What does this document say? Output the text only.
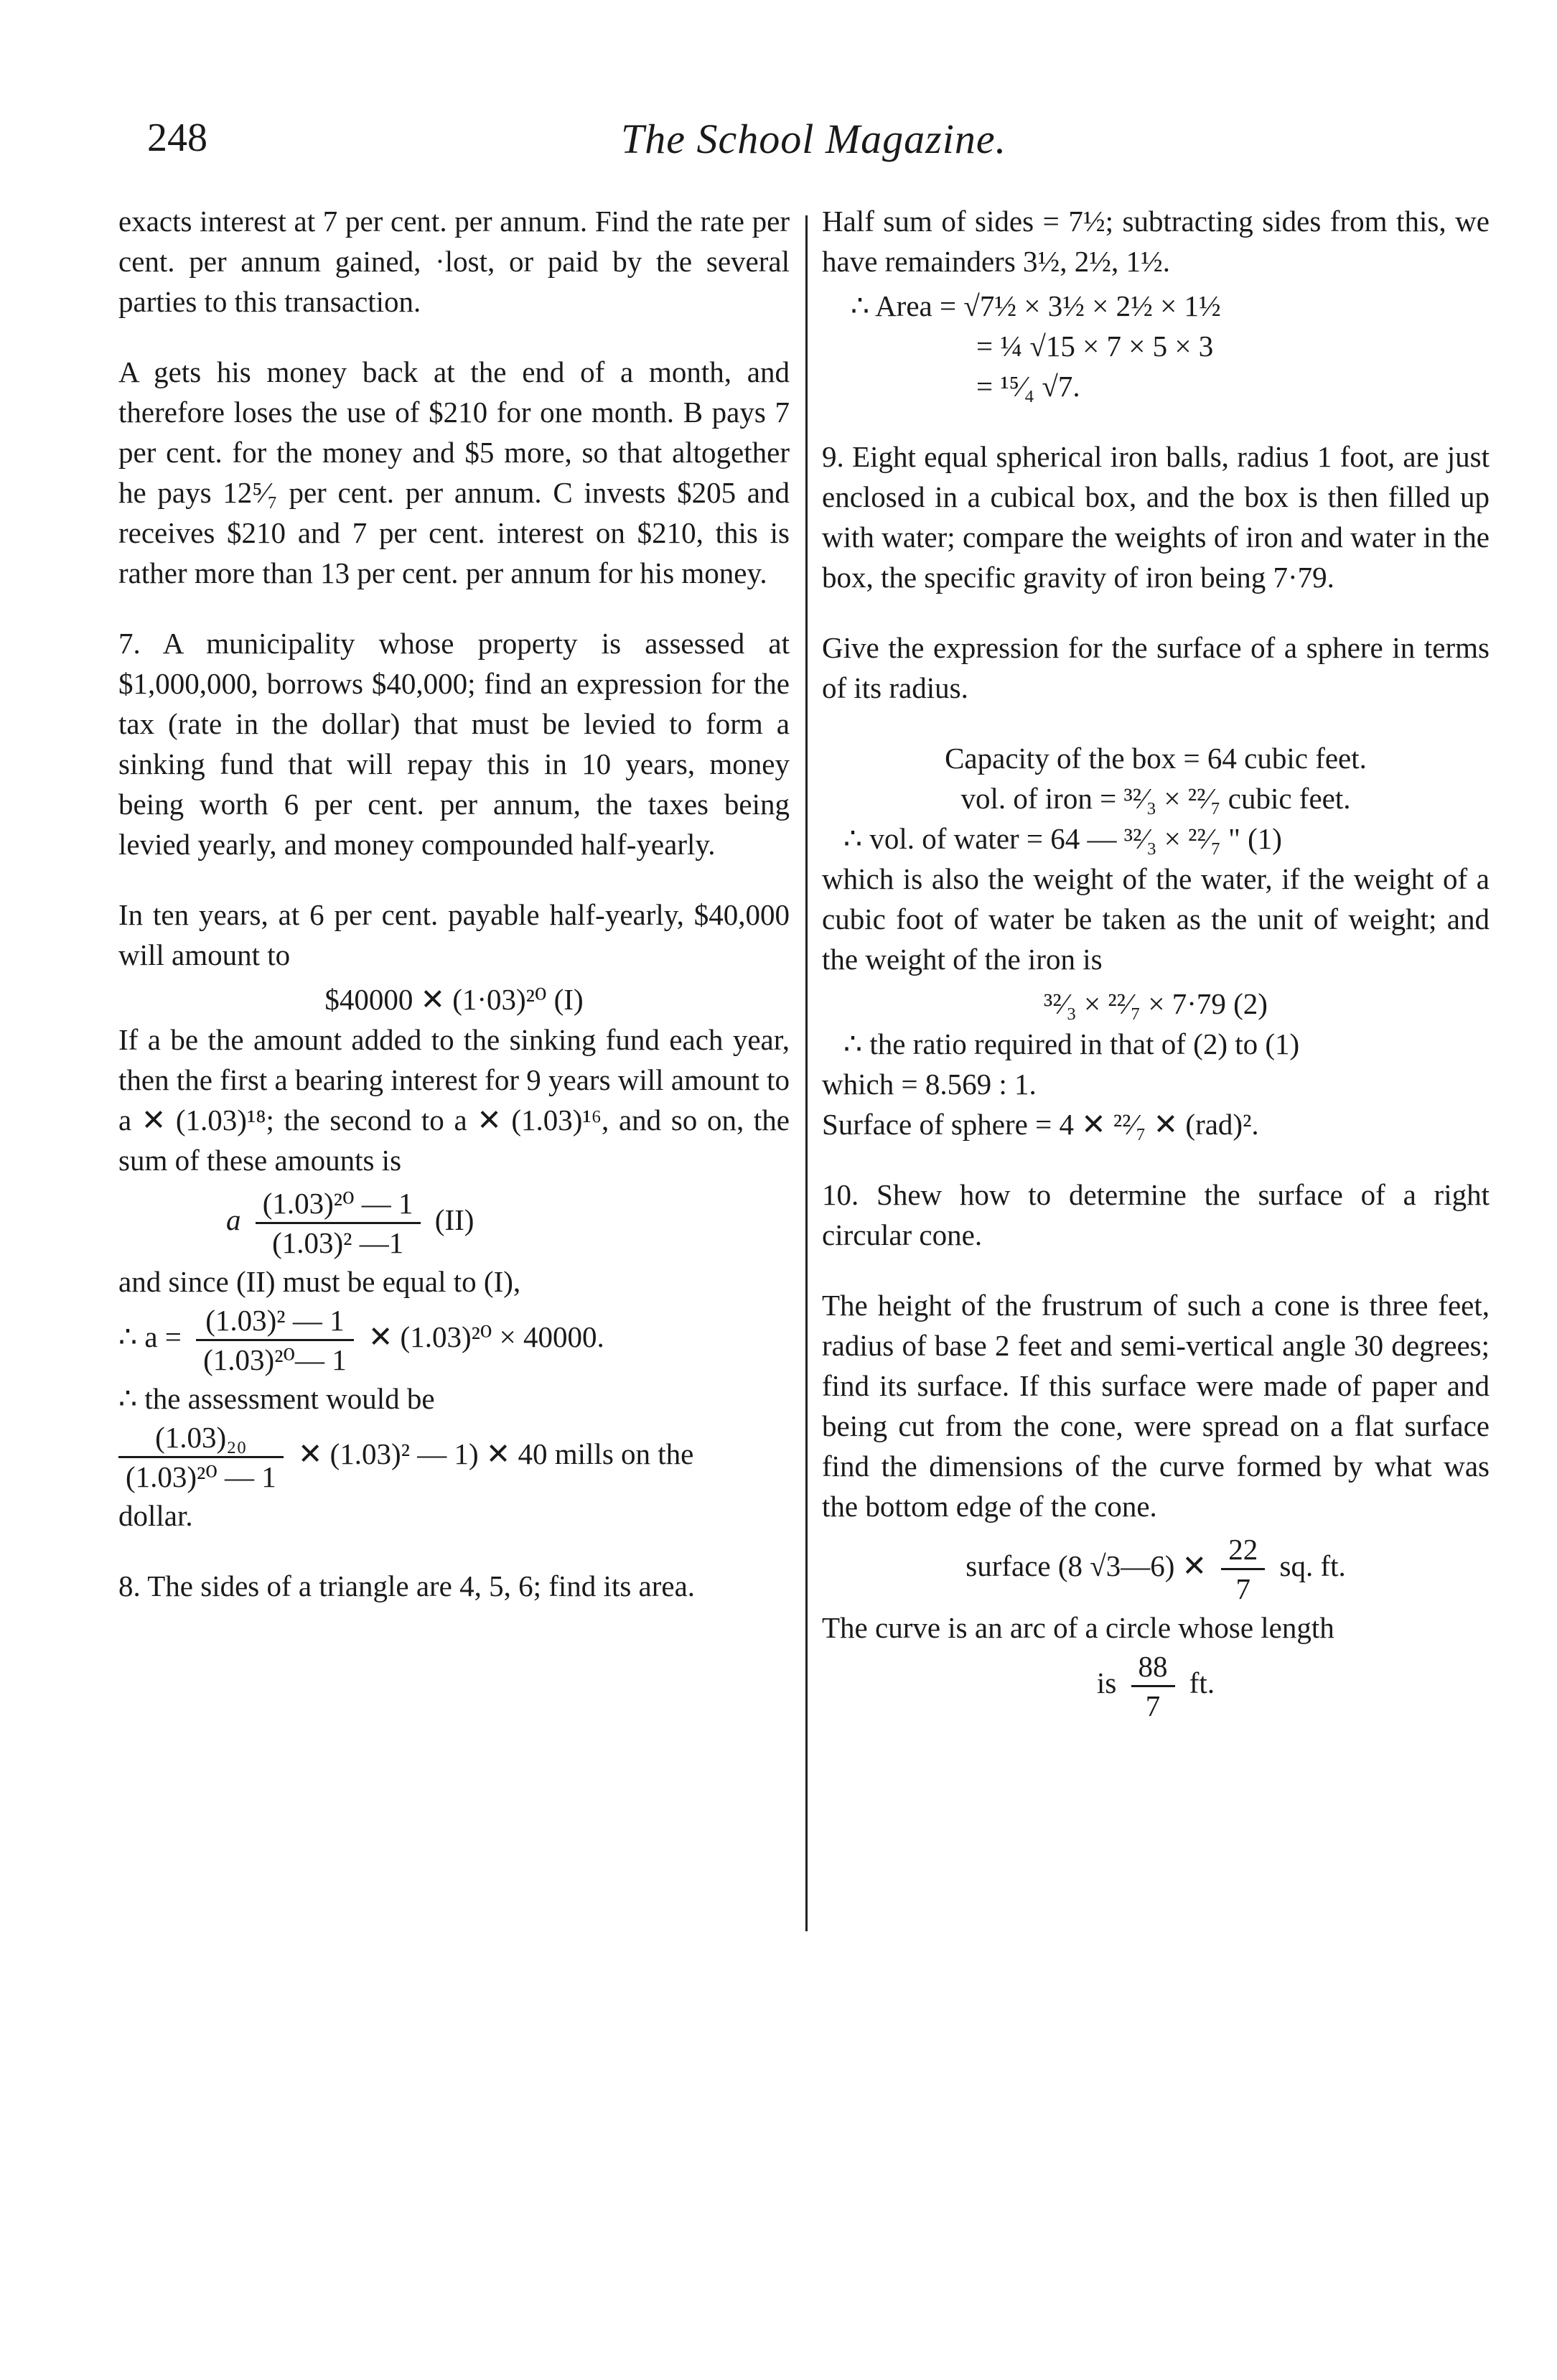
248	The School Magazine.

exacts interest at 7 per cent. per annum. Find the rate per cent. per annum gained, ·lost, or paid by the several parties to this transaction.

A gets his money back at the end of a month, and therefore loses the use of $210 for one month. B pays 7 per cent. for the money and $5 more, so that altogether he pays 12⁵⁄₇ per cent. per annum. C invests $205 and receives $210 and 7 per cent. interest on $210, this is rather more than 13 per cent. per annum for his money.

7. A municipality whose property is assessed at $1,000,000, borrows $40,000; find an expression for the tax (rate in the dollar) that must be levied to form a sinking fund that will repay this in 10 years, money being worth 6 per cent. per annum, the taxes being levied yearly, and money compounded half-yearly.

In ten years, at 6 per cent. payable half-yearly, $40,000 will amount to

$40000 ✕ (1·03)²⁰ (I)

If a be the amount added to the sinking fund each year, then the first a bearing interest for 9 years will amount to a ✕ (1.03)¹⁸; the second to a ✕ (1.03)¹⁶, and so on, the sum of these amounts is

a $\frac{\text{(1.03)²⁰ — 1}}{\text{(1.03)² —1}} (II)$

and since (II) must be equal to (I),

∴ $a = \frac{\text{(1.03)² — 1}}{\text{(1.03)²⁰— 1}}$ ✕ (1.03)²⁰ × 40000.

∴ the assessment would be

$\frac{\text{(1.03)₂₀}}{\text{(1.03)²⁰ — 1}}$ ✕ (1.03)² — 1) ✕ 40 mills on the

dollar.

8. The sides of a triangle are 4, 5, 6; find its area.

Half sum of sides = 7½; subtracting sides from this, we have remainders 3½, 2½, 1½.

∴ Area = √7½ × 3½ × 2½ × 1½

= ¼ √15 × 7 × 5 × 3

= ¹⁵⁄₄ √7.

9. Eight equal spherical iron balls, radius 1 foot, are just enclosed in a cubical box, and the box is then filled up with water; compare the weights of iron and water in the box, the specific gravity of iron being 7·79.

Give the expression for the surface of a sphere in terms of its radius.

Capacity of the box = 64 cubic feet.

vol. of iron = ³²⁄₃ × ²²⁄₇ cubic feet.

∴ vol. of water = 64 — ³²⁄₃ × ²²⁄₇ " (1)

which is also the weight of the water, if the weight of a cubic foot of water be taken as the unit of weight; and the weight of the iron is

³²⁄₃ × ²²⁄₇ × 7·79 (2)

∴ the ratio required in that of (2) to (1)

which = 8.569 : 1.

Surface of sphere = 4 ✕ ²²⁄₇ ✕ (rad)².

10. Shew how to determine the surface of a right circular cone.

The height of the frustrum of such a cone is three feet, radius of base 2 feet and semi-vertical angle 30 degrees; find its surface. If this surface were made of paper and being cut from the cone, were spread on a flat surface find the dimensions of the curve formed by what was the bottom edge of the cone.

surface (8 √3—6) ✕ $\frac{22}{7}$ sq. ft.

The curve is an arc of a circle whose length

is $\frac{88}{7}$ ft.
